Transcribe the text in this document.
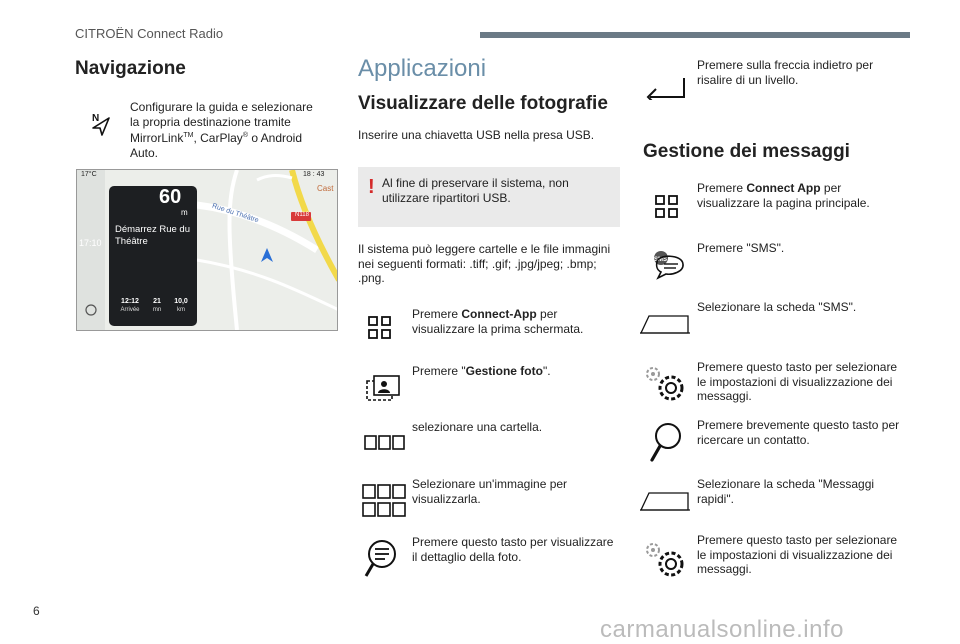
CITROËN Connect Radio
Navigazione
N
Configurare la guida e selezionare la propria destinazione tramite MirrorLink™, CarPlay® o Android Auto.
17°C	18 : 43
Cast
N118
Rue du Théâtre
17:10
60
m
Démarrez Rue du Théâtre
12:12
Arrivée
21
mn
10,0
km
Applicazioni
Visualizzare delle fotografie
Inserire una chiavetta USB nella presa USB.
! Al fine di preservare il sistema, non utilizzare ripartitori USB.
Il sistema può leggere cartelle e le file immagini nei seguenti formati: .tiff; .gif; .jpg/jpeg; .bmp; .png.
Premere Connect-App per visualizzare la prima schermata.
Premere "Gestione foto".
selezionare una cartella.
Selezionare un'immagine per visualizzarla.
Premere questo tasto per visualizzare il dettaglio della foto.
Premere sulla freccia indietro per risalire di un livello.
Gestione dei messaggi
Premere Connect App per visualizzare la pagina principale.
SMS
Premere "SMS".
Selezionare la scheda "SMS".
Premere questo tasto per selezionare le impostazioni di visualizzazione dei messaggi.
Premere brevemente questo tasto per ricercare un contatto.
Selezionare la scheda "Messaggi rapidi".
Premere questo tasto per selezionare le impostazioni di visualizzazione dei messaggi.
6
carmanualsonline.info
